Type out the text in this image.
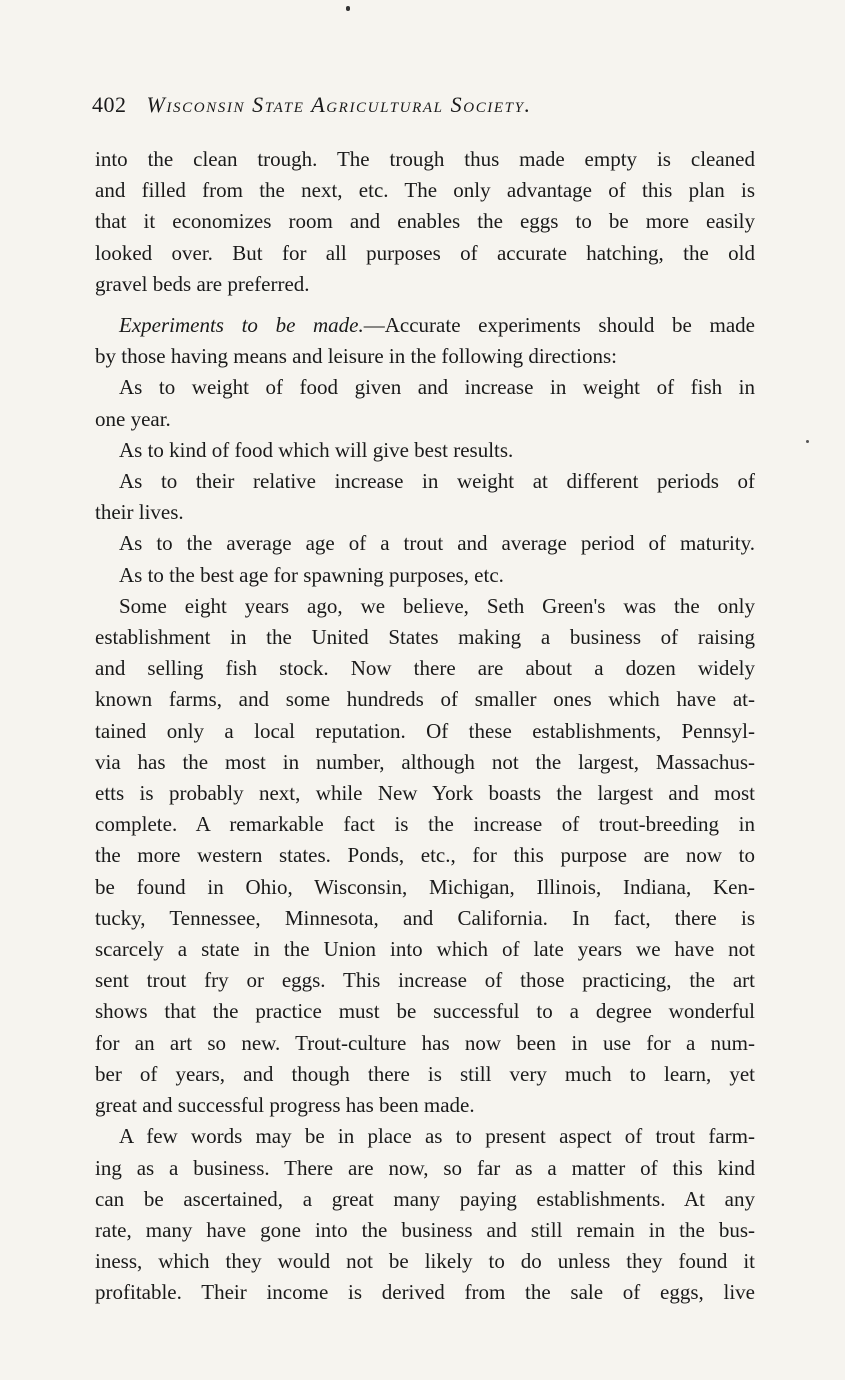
402 Wisconsin State Agricultural Society.
into the clean trough. The trough thus made empty is cleaned
and filled from the next, etc. The only advantage of this plan is
that it economizes room and enables the eggs to be more easily
looked over. But for all purposes of accurate hatching, the old
gravel beds are preferred.
Experiments to be made.—Accurate experiments should be made
by those having means and leisure in the following directions:
As to weight of food given and increase in weight of fish in
one year.
As to kind of food which will give best results.
As to their relative increase in weight at different periods of
their lives.
As to the average age of a trout and average period of maturity.
As to the best age for spawning purposes, etc.
Some eight years ago, we believe, Seth Green's was the only
establishment in the United States making a business of raising
and selling fish stock. Now there are about a dozen widely
known farms, and some hundreds of smaller ones which have at-
tained only a local reputation. Of these establishments, Pennsyl-
via has the most in number, although not the largest, Massachus-
etts is probably next, while New York boasts the largest and most
complete. A remarkable fact is the increase of trout-breeding in
the more western states. Ponds, etc., for this purpose are now to
be found in Ohio, Wisconsin, Michigan, Illinois, Indiana, Ken-
tucky, Tennessee, Minnesota, and California. In fact, there is
scarcely a state in the Union into which of late years we have not
sent trout fry or eggs. This increase of those practicing, the art
shows that the practice must be successful to a degree wonderful
for an art so new. Trout-culture has now been in use for a num-
ber of years, and though there is still very much to learn, yet
great and successful progress has been made.
A few words may be in place as to present aspect of trout farm-
ing as a business. There are now, so far as a matter of this kind
can be ascertained, a great many paying establishments. At any
rate, many have gone into the business and still remain in the bus-
iness, which they would not be likely to do unless they found it
profitable. Their income is derived from the sale of eggs, live
